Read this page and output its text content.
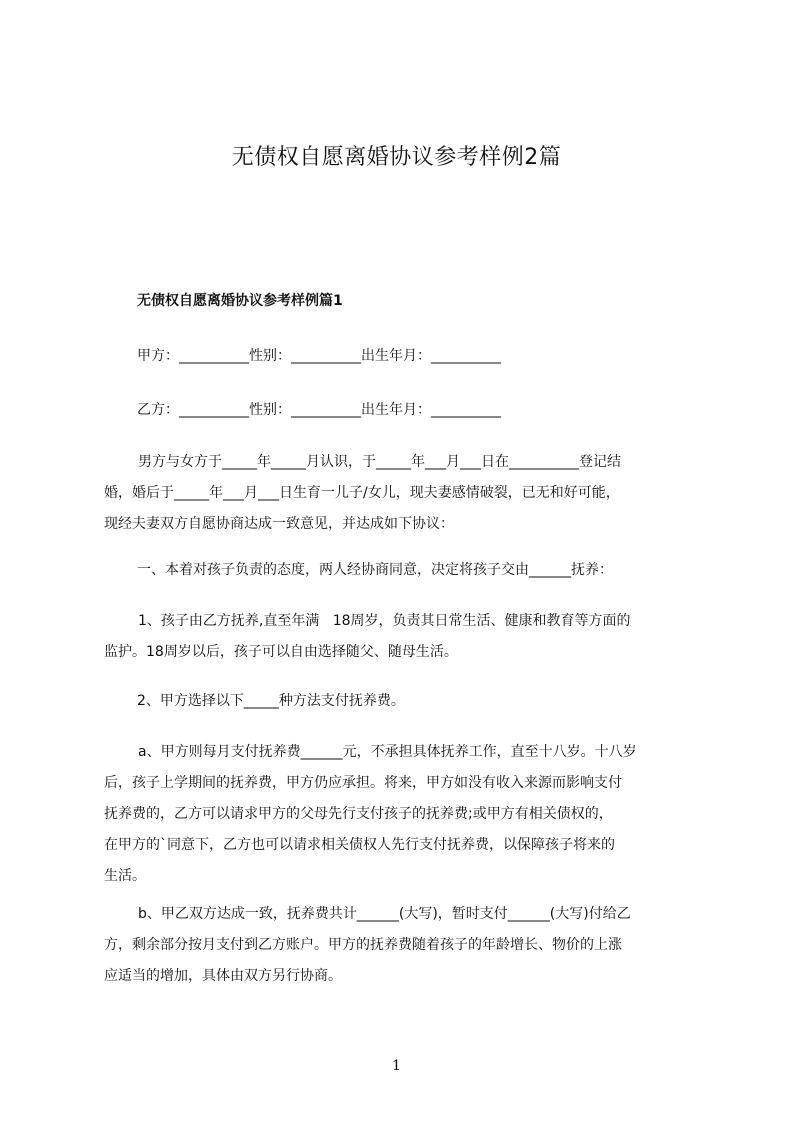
无债权自愿离婚协议参考样例2篇
无债权自愿离婚协议参考样例篇1

甲方：__________性别：__________出生年月：__________

乙方：__________性别：__________出生年月：__________

男方与女方于_____年_____月认识，于_____年___月___日在__________登记结
婚，婚后于_____年___月___日生育一儿子/女儿，现夫妻感情破裂，已无和好可能，
现经夫妻双方自愿协商达成一致意见，并达成如下协议：

一、本着对孩子负责的态度，两人经协商同意，决定将孩子交由______抚养：

1、孩子由乙方抚养,直至年满   18周岁，负责其日常生活、健康和教育等方面的
监护。18周岁以后，孩子可以自由选择随父、随母生活。

2、甲方选择以下_____种方法支付抚养费。

a、甲方则每月支付抚养费______元，不承担具体抚养工作，直至十八岁。十八岁
后，孩子上学期间的抚养费，甲方仍应承担。将来，甲方如没有收入来源而影响支付
抚养费的，乙方可以请求甲方的父母先行支付孩子的抚养费;或甲方有相关债权的，
在甲方的`同意下，乙方也可以请求相关债权人先行支付抚养费，以保障孩子将来的
生活。
b、甲乙双方达成一致，抚养费共计______(大写)，暂时支付______(大写)付给乙
方，剩余部分按月支付到乙方账户。甲方的抚养费随着孩子的年龄增长、物价的上涨
应适当的增加，具体由双方另行协商。
1
